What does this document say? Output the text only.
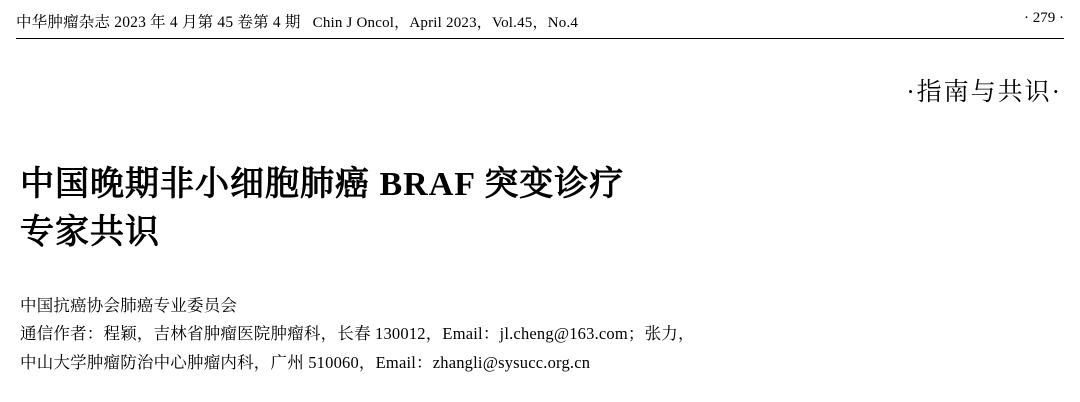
中华肿瘤杂志 2023 年 4 月第 45 卷第 4 期 Chin J Oncol，April 2023，Vol.45，No.4	· 279 ·
·指南与共识·
中国晚期非小细胞肺癌 BRAF 突变诊疗
专家共识
中国抗癌协会肺癌专业委员会
通信作者：程颖，吉林省肿瘤医院肿瘤科，长春 130012，Email：jl.cheng@163.com；张力，
中山大学肿瘤防治中心肿瘤内科，广州 510060，Email：zhangli@sysucc.org.cn
